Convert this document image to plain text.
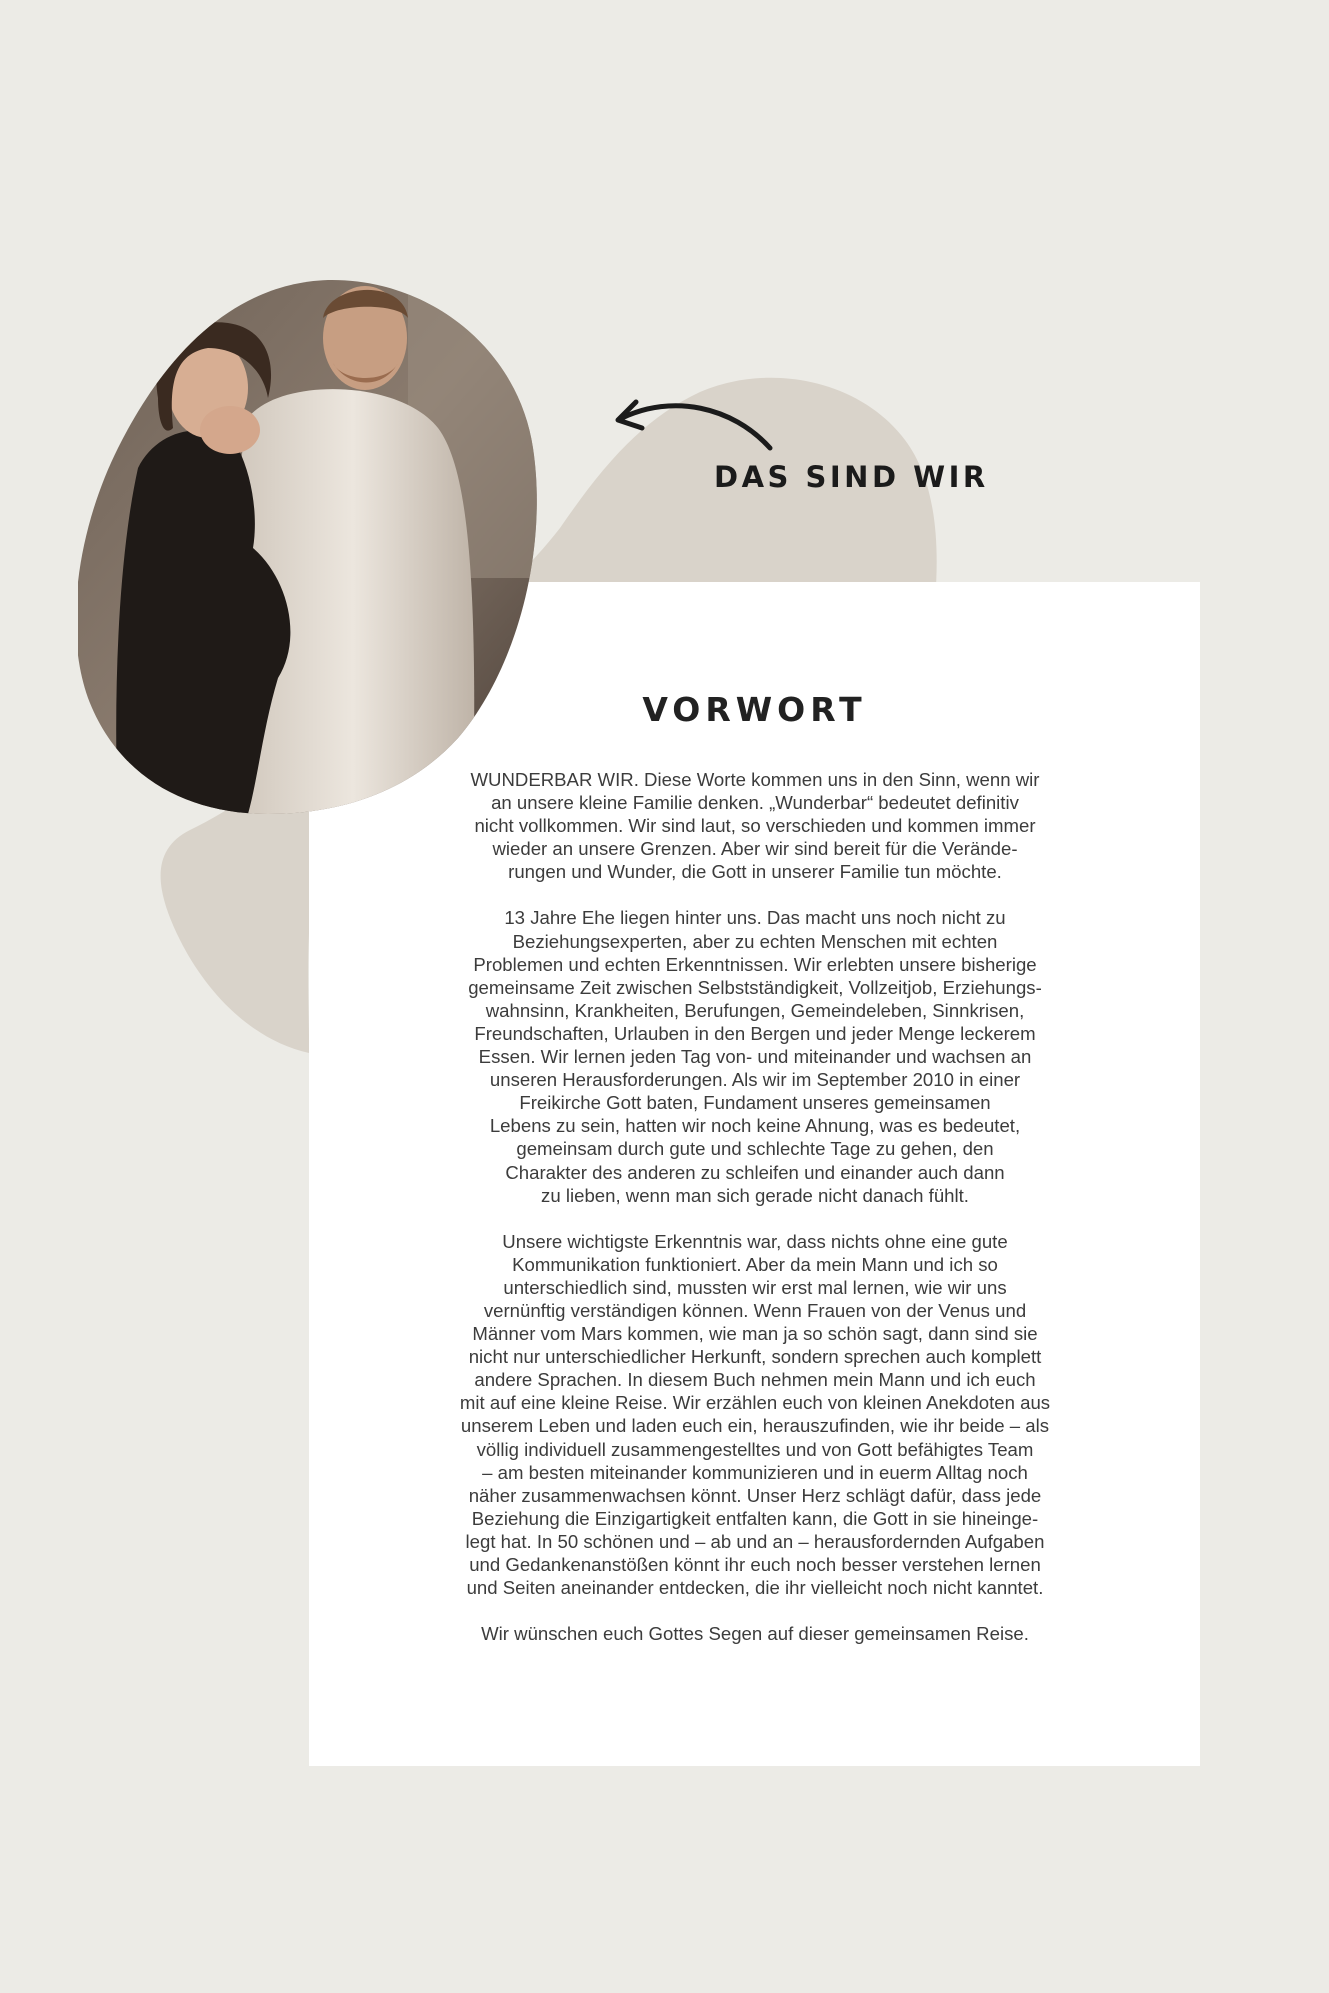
DAS SIND WIR
VORWORT

WUNDERBAR WIR. Diese Worte kommen uns in den Sinn, wenn wir
an unsere kleine Familie denken. „Wunderbar“ bedeutet definitiv
nicht vollkommen. Wir sind laut, so verschieden und kommen immer
wieder an unsere Grenzen. Aber wir sind bereit für die Verände-
rungen und Wunder, die Gott in unserer Familie tun möchte.

13 Jahre Ehe liegen hinter uns. Das macht uns noch nicht zu
Beziehungsexperten, aber zu echten Menschen mit echten
Problemen und echten Erkenntnissen. Wir erlebten unsere bisherige
gemeinsame Zeit zwischen Selbstständigkeit, Vollzeitjob, Erziehungs-
wahnsinn, Krankheiten, Berufungen, Gemeindeleben, Sinnkrisen,
Freundschaften, Urlauben in den Bergen und jeder Menge leckerem
Essen. Wir lernen jeden Tag von- und miteinander und wachsen an
unseren Herausforderungen. Als wir im September 2010 in einer
Freikirche Gott baten, Fundament unseres gemeinsamen
Lebens zu sein, hatten wir noch keine Ahnung, was es bedeutet,
gemeinsam durch gute und schlechte Tage zu gehen, den
Charakter des anderen zu schleifen und einander auch dann
zu lieben, wenn man sich gerade nicht danach fühlt.

Unsere wichtigste Erkenntnis war, dass nichts ohne eine gute
Kommunikation funktioniert. Aber da mein Mann und ich so
unterschiedlich sind, mussten wir erst mal lernen, wie wir uns
vernünftig verständigen können. Wenn Frauen von der Venus und
Männer vom Mars kommen, wie man ja so schön sagt, dann sind sie
nicht nur unterschiedlicher Herkunft, sondern sprechen auch komplett
andere Sprachen. In diesem Buch nehmen mein Mann und ich euch
mit auf eine kleine Reise. Wir erzählen euch von kleinen Anekdoten aus
unserem Leben und laden euch ein, herauszufinden, wie ihr beide – als
völlig individuell zusammengestelltes und von Gott befähigtes Team
– am besten miteinander kommunizieren und in euerm Alltag noch
näher zusammenwachsen könnt. Unser Herz schlägt dafür, dass jede
Beziehung die Einzigartigkeit entfalten kann, die Gott in sie hineinge-
legt hat. In 50 schönen und – ab und an – herausfordernden Aufgaben
und Gedankenanstößen könnt ihr euch noch besser verstehen lernen
und Seiten aneinander entdecken, die ihr vielleicht noch nicht kanntet.

Wir wünschen euch Gottes Segen auf dieser gemeinsamen Reise.
